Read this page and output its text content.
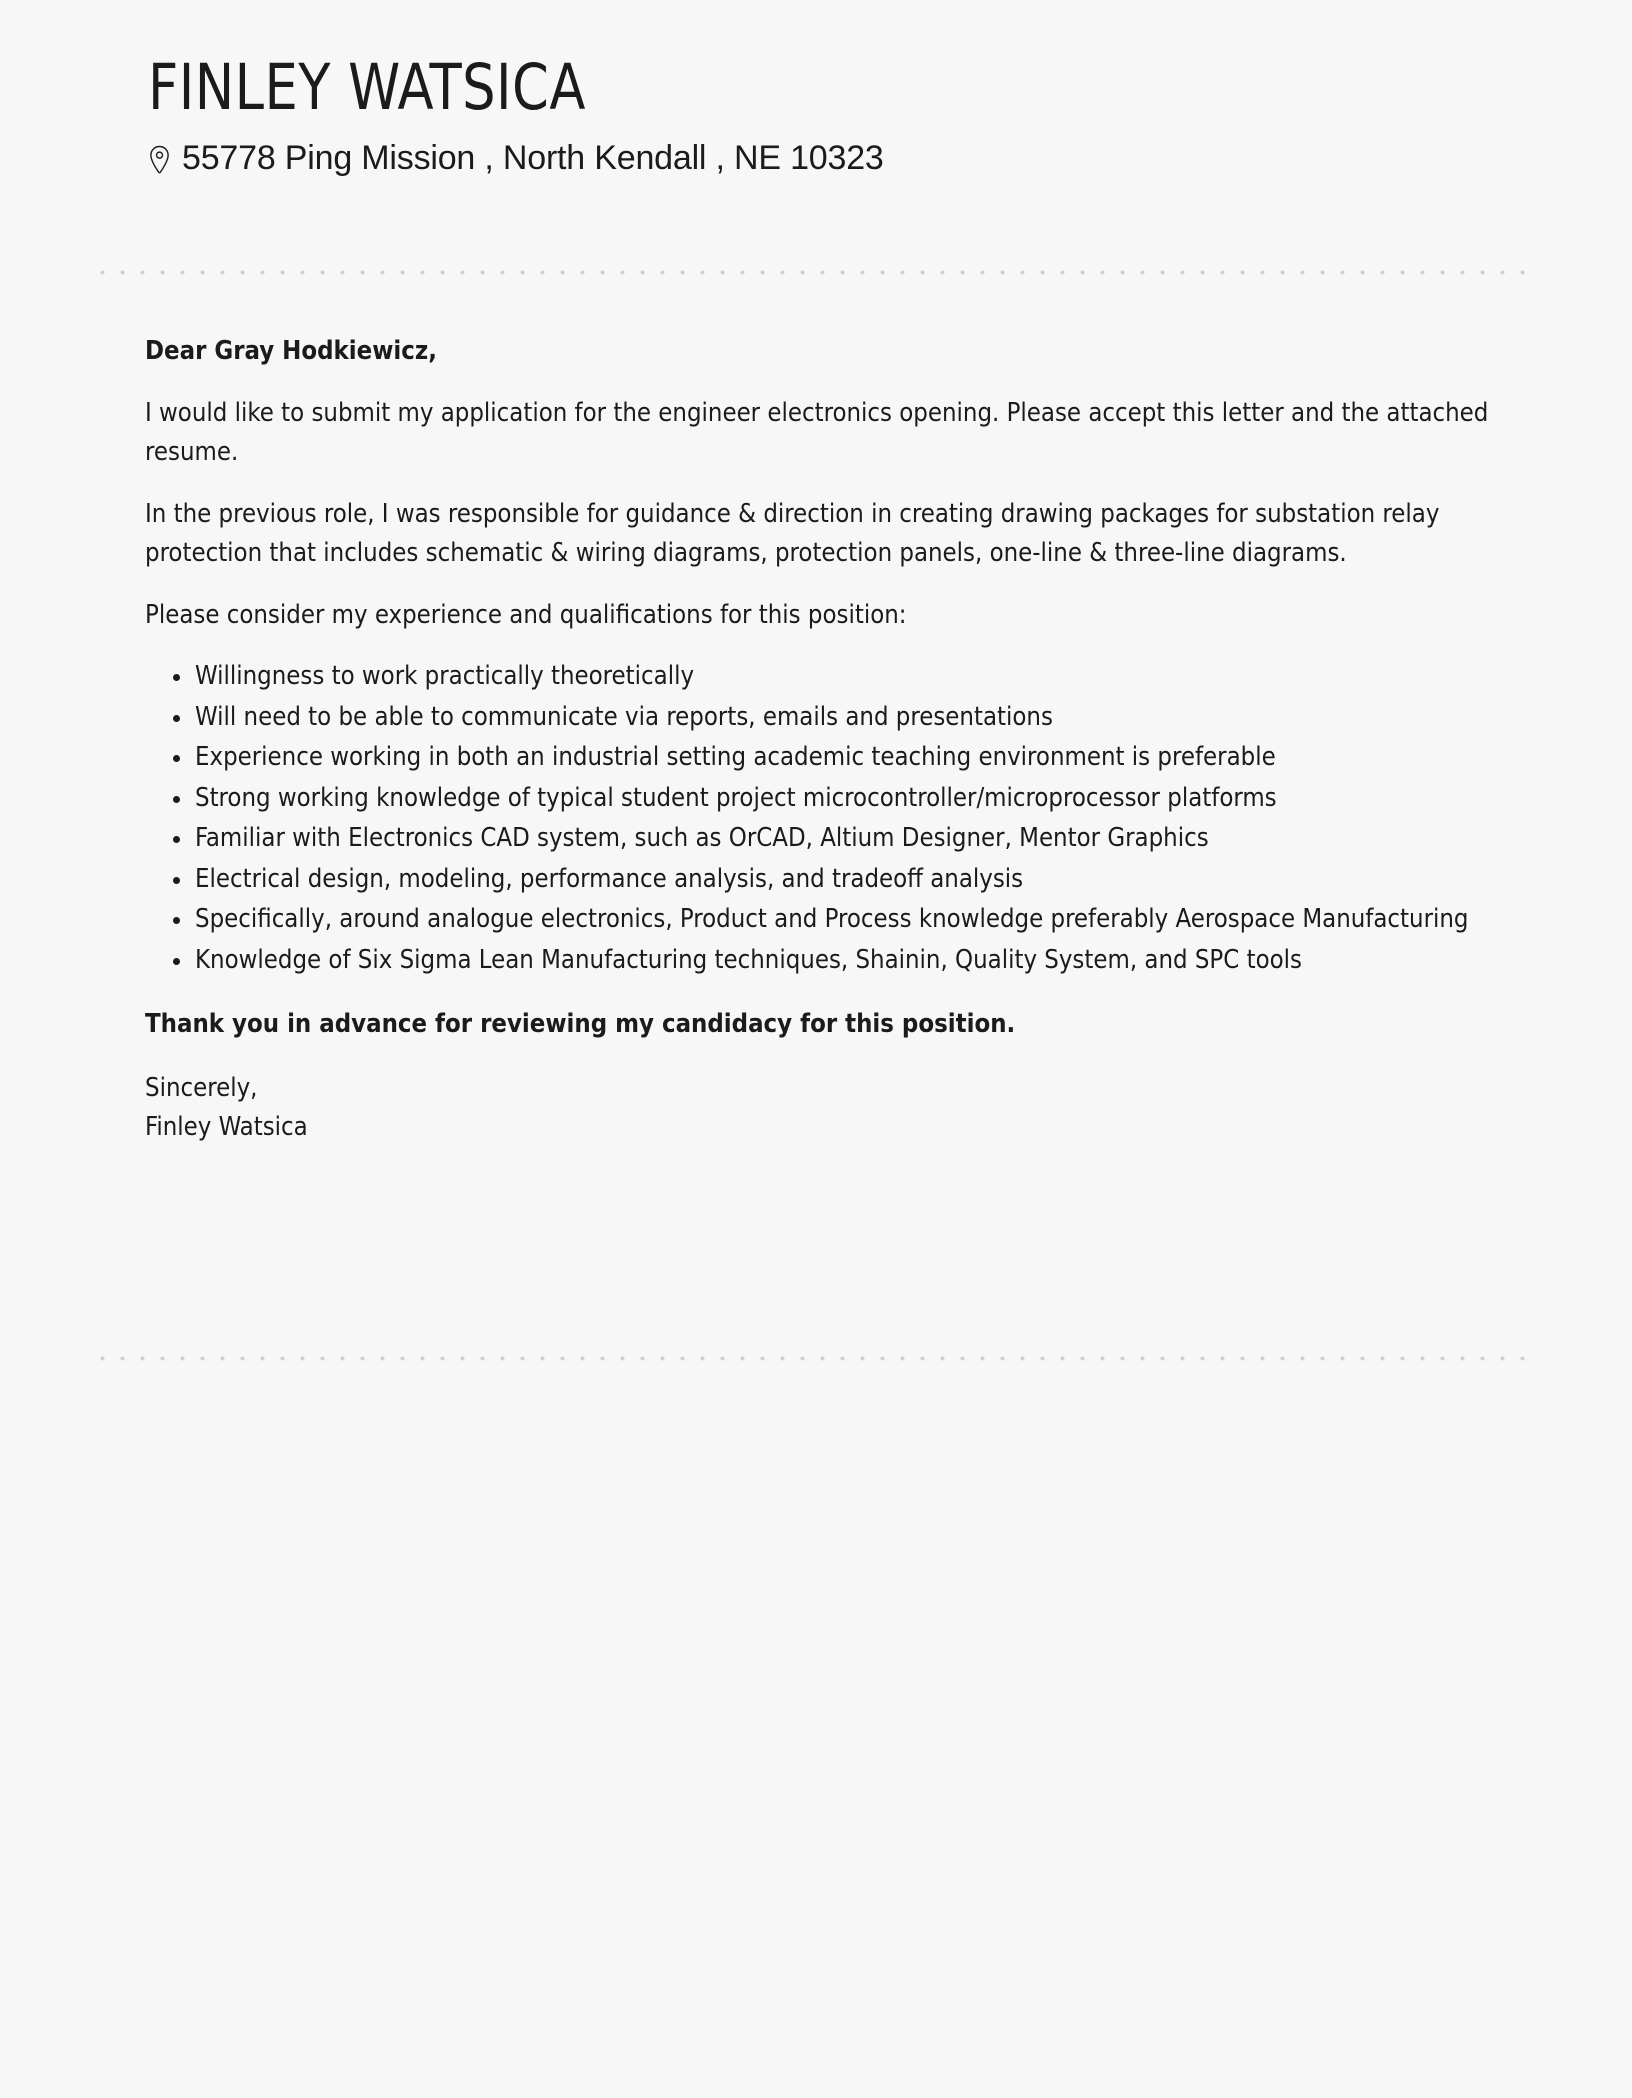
FINLEY WATSICA
55778 Ping Mission , North Kendall , NE 10323

Dear Gray Hodkiewicz,

I would like to submit my application for the engineer electronics opening. Please accept this letter and the attached resume.

In the previous role, I was responsible for guidance & direction in creating drawing packages for substation relay protection that includes schematic & wiring diagrams, protection panels, one-line & three-line diagrams.

Please consider my experience and qualifications for this position:

Willingness to work practically theoretically
Will need to be able to communicate via reports, emails and presentations
Experience working in both an industrial setting academic teaching environment is preferable
Strong working knowledge of typical student project microcontroller/microprocessor platforms
Familiar with Electronics CAD system, such as OrCAD, Altium Designer, Mentor Graphics
Electrical design, modeling, performance analysis, and tradeoff analysis
Specifically, around analogue electronics, Product and Process knowledge preferably Aerospace Manufacturing
Knowledge of Six Sigma Lean Manufacturing techniques, Shainin, Quality System, and SPC tools

Thank you in advance for reviewing my candidacy for this position.

Sincerely,
Finley Watsica
